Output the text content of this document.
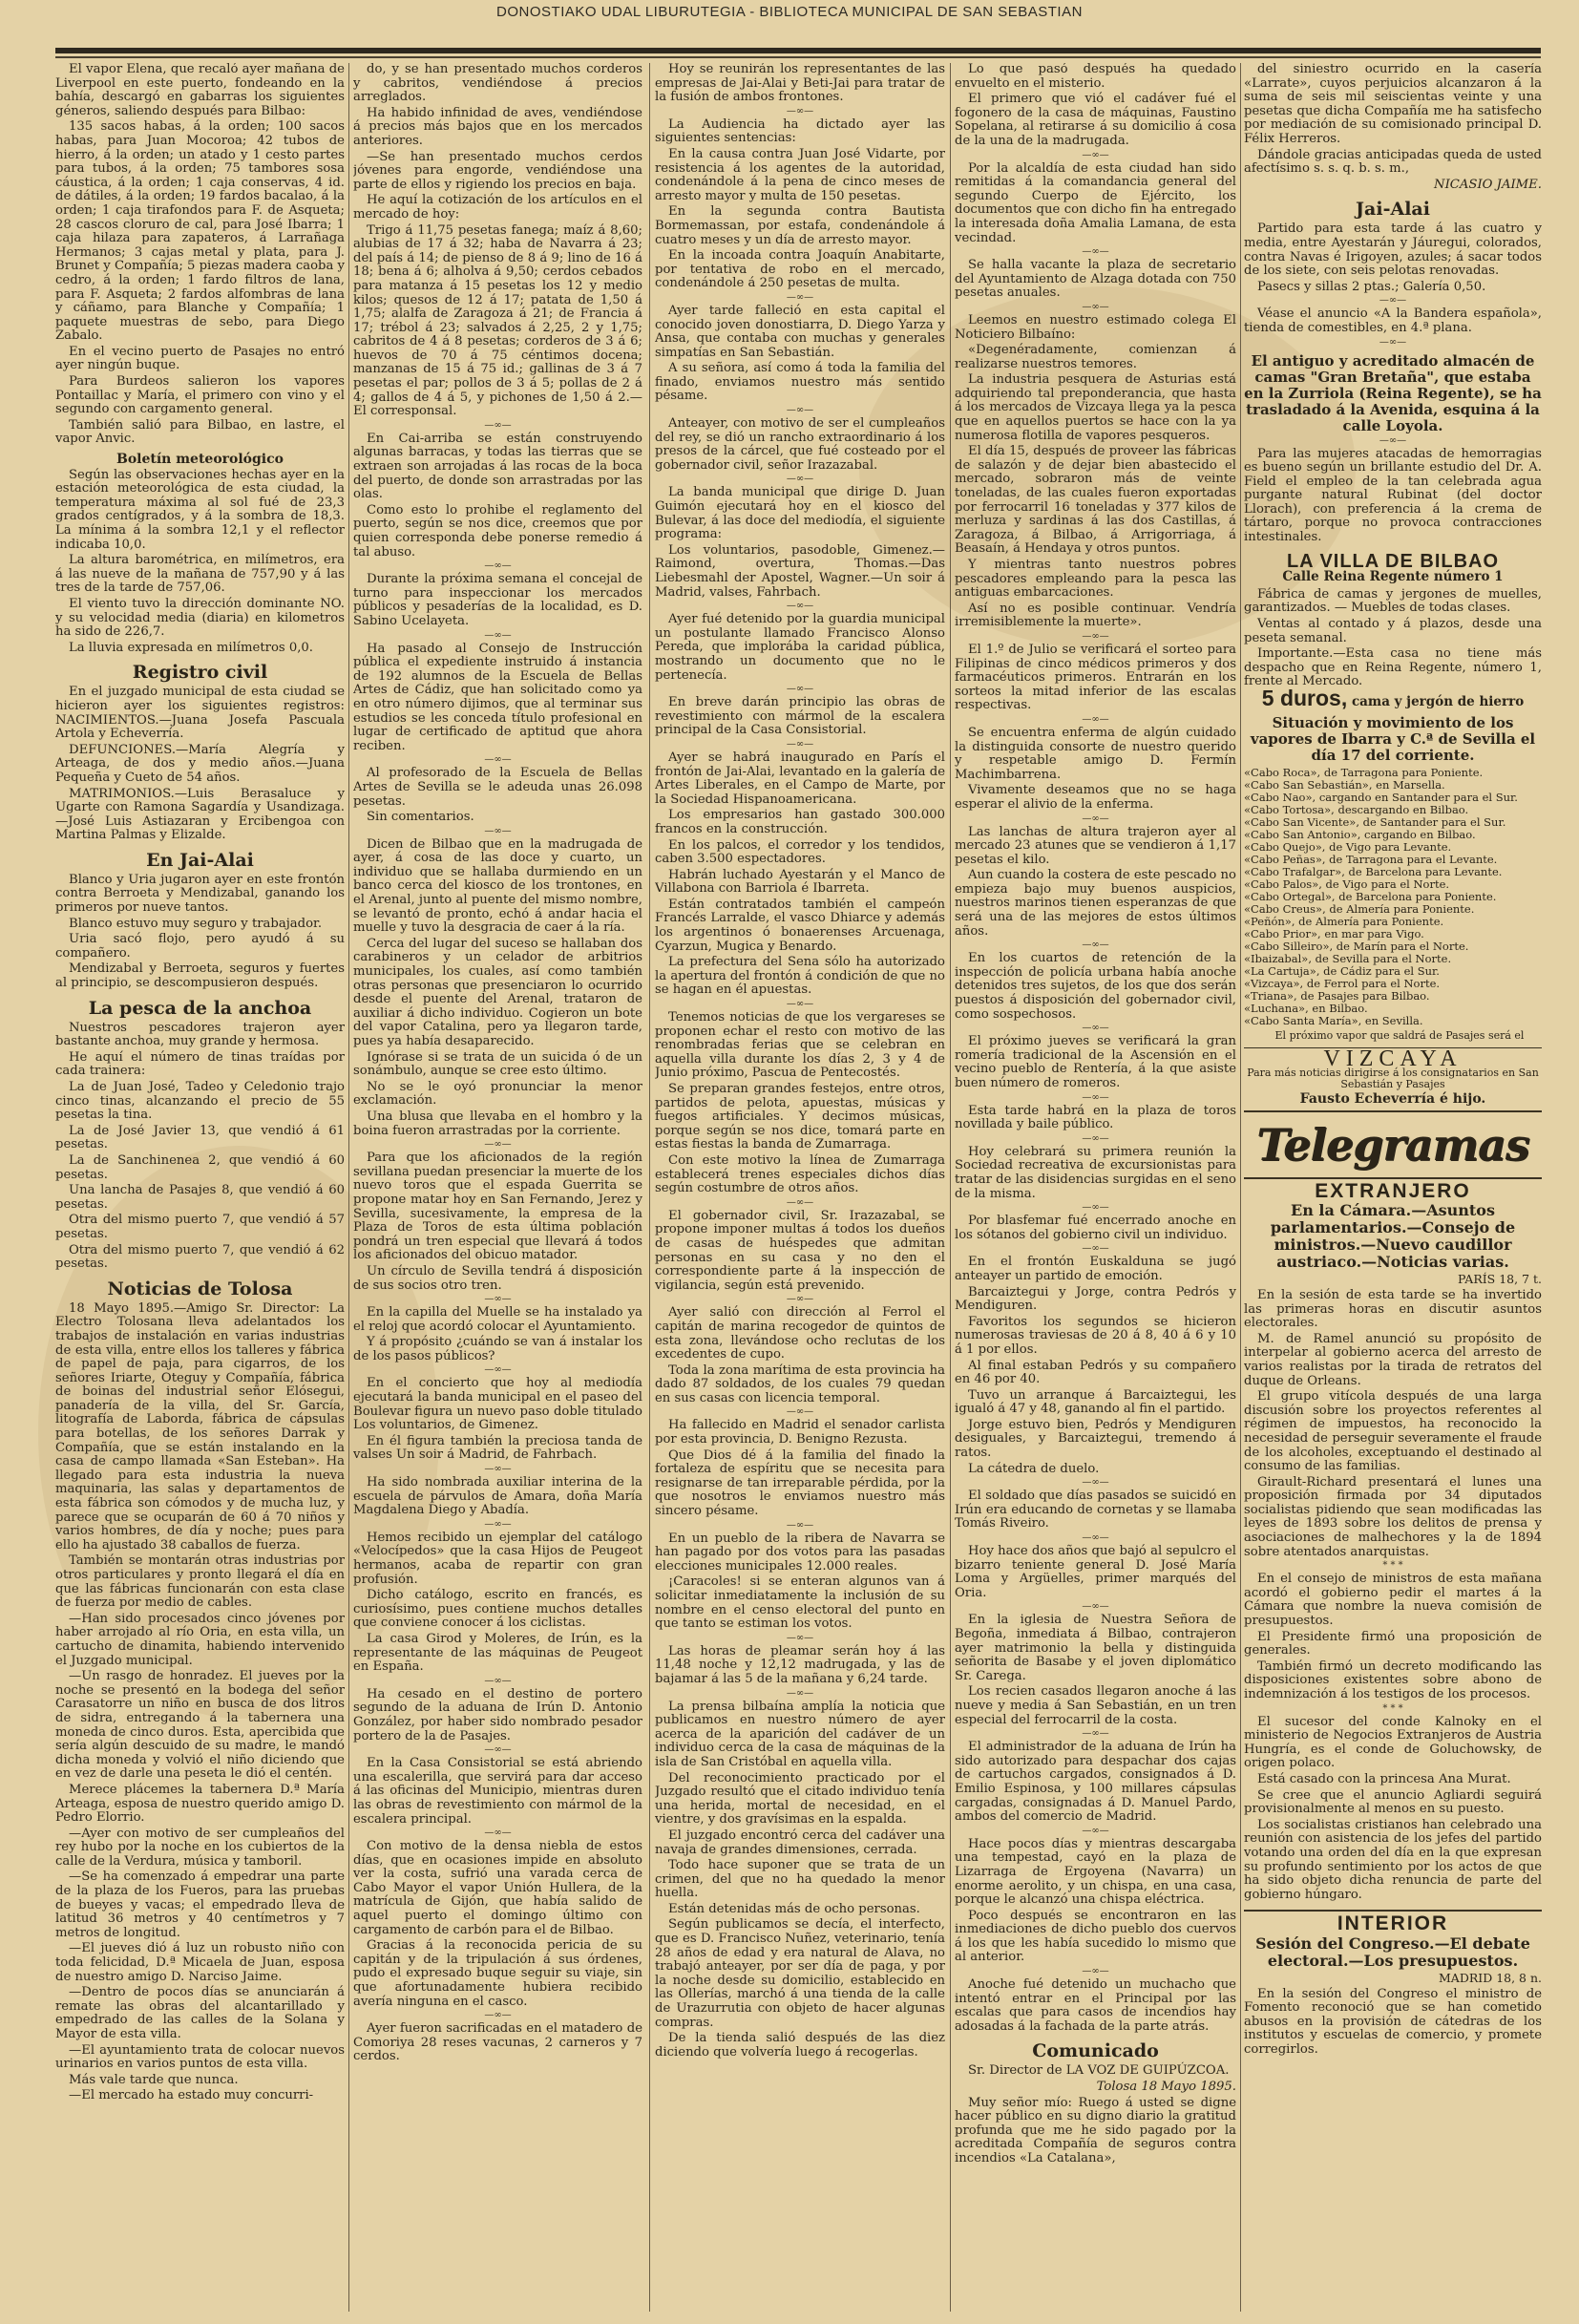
DONOSTIAKO UDAL LIBURUTEGIA - BIBLIOTECA MUNICIPAL DE SAN SEBASTIAN

El vapor Elena, que recaló ayer mañana de Liverpool en este puerto, fondeando en la bahía, descargó en gabarras los siguientes géneros, saliendo después para Bilbao:

135 sacos habas, á la orden; 100 sacos habas, para Juan Mocoroa; 42 tubos de hierro, á la orden; un atado y 1 cesto partes para tubos, á la orden; 75 tambores sosa cáustica, á la orden; 1 caja conservas, 4 id. de dátiles, á la orden; 19 fardos bacalao, á la orden; 1 caja tirafondos para F. de Asqueta; 28 cascos cloruro de cal, para José Ibarra; 1 caja hilaza para zapateros, á Larrañaga Hermanos; 3 cajas metal y plata, para J. Brunet y Compañía; 5 piezas madera caoba y cedro, á la orden; 1 fardo filtros de lana, para F. Asqueta; 2 fardos alfombras de lana y cáñamo, para Blanche y Compañía; 1 paquete muestras de sebo, para Diego Zabalo.

En el vecino puerto de Pasajes no entró ayer ningún buque.

Para Burdeos salieron los vapores Pontaillac y María, el primero con vino y el segundo con cargamento general.

También salió para Bilbao, en lastre, el vapor Anvic.

Boletín meteorológico

Según las observaciones hechas ayer en la estación meteorológica de esta ciudad, la temperatura máxima al sol fué de 23,3 grados centígrados, y á la sombra de 18,3. La mínima á la sombra 12,1 y el reflector indicaba 10,0.

La altura barométrica, en milímetros, era á las nueve de la mañana de 757,90 y á las tres de la tarde de 757,06.

El viento tuvo la dirección dominante NO. y su velocidad media (diaria) en kilometros ha sido de 226,7.

La lluvia expresada en milímetros 0,0.

Registro civil

En el juzgado municipal de esta ciudad se hicieron ayer los siguientes registros: NACIMIENTOS.—Juana Josefa Pascuala Artola y Echeverría.

DEFUNCIONES.—María Alegría y Arteaga, de dos y medio años.—Juana Pequeña y Cueto de 54 años.

MATRIMONIOS.—Luis Berasaluce y Ugarte con Ramona Sagardía y Usandizaga.—José Luis Astiazaran y Ercibengoa con Martina Palmas y Elizalde.

En Jai-Alai

Blanco y Uria jugaron ayer en este frontón contra Berroeta y Mendizabal, ganando los primeros por nueve tantos.

Blanco estuvo muy seguro y trabajador.

Uria sacó flojo, pero ayudó á su compañero.

Mendizabal y Berroeta, seguros y fuertes al principio, se descompusieron después.

La pesca de la anchoa

Nuestros pescadores trajeron ayer bastante anchoa, muy grande y hermosa.

He aquí el número de tinas traídas por cada trainera:

La de Juan José, Tadeo y Celedonio trajo cinco tinas, alcanzando el precio de 55 pesetas la tina.

La de José Javier 13, que vendió á 61 pesetas.

La de Sanchinenea 2, que vendió á 60 pesetas.

Una lancha de Pasajes 8, que vendió á 60 pesetas.

Otra del mismo puerto 7, que vendió á 57 pesetas.

Otra del mismo puerto 7, que vendió á 62 pesetas.

Noticias de Tolosa

18 Mayo 1895.—Amigo Sr. Director: La Electro Tolosana lleva adelantados los trabajos de instalación en varias industrias de esta villa, entre ellos los talleres y fábrica de papel de paja, para cigarros, de los señores Iriarte, Oteguy y Compañía, fábrica de boinas del industrial señor Elósegui, panadería de la villa, del Sr. García, litografía de Laborda, fábrica de cápsulas para botellas, de los señores Darrak y Compañía, que se están instalando en la casa de campo llamada «San Esteban». Ha llegado para esta industria la nueva maquinaria, las salas y departamentos de esta fábrica son cómodos y de mucha luz, y parece que se ocuparán de 60 á 70 niños y varios hombres, de día y noche; pues para ello ha ajustado 38 caballos de fuerza.

También se montarán otras industrias por otros particulares y pronto llegará el día en que las fábricas funcionarán con esta clase de fuerza por medio de cables.

—Han sido procesados cinco jóvenes por haber arrojado al río Oria, en esta villa, un cartucho de dinamita, habiendo intervenido el Juzgado municipal.

—Un rasgo de honradez. El jueves por la noche se presentó en la bodega del señor Carasatorre un niño en busca de dos litros de sidra, entregando á la tabernera una moneda de cinco duros. Esta, apercibida que sería algún descuido de su madre, le mandó dicha moneda y volvió el niño diciendo que en vez de darle una peseta le dió el centén.

Merece plácemes la tabernera D.ª María Arteaga, esposa de nuestro querido amigo D. Pedro Elorrio.

—Ayer con motivo de ser cumpleaños del rey hubo por la noche en los cubiertos de la calle de la Verdura, música y tamboril.

—Se ha comenzado á empedrar una parte de la plaza de los Fueros, para las pruebas de bueyes y vacas; el empedrado lleva de latitud 36 metros y 40 centímetros y 7 metros de longitud.

—El jueves dió á luz un robusto niño con toda felicidad, D.ª Micaela de Juan, esposa de nuestro amigo D. Narciso Jaime.

—Dentro de pocos días se anunciarán á remate las obras del alcantarillado y empedrado de las calles de la Solana y Mayor de esta villa.

—El ayuntamiento trata de colocar nuevos urinarios en varios puntos de esta villa.

Más vale tarde que nunca.

—El mercado ha estado muy concurri-

do, y se han presentado muchos corderos y cabritos, vendiéndose á precios arreglados.

Ha habido infinidad de aves, vendiéndose á precios más bajos que en los mercados anteriores.

—Se han presentado muchos cerdos jóvenes para engorde, vendiéndose una parte de ellos y rigiendo los precios en baja.

He aquí la cotización de los artículos en el mercado de hoy:

Trigo á 11,75 pesetas fanega; maíz á 8,60; alubias de 17 á 32; haba de Navarra á 23; del país á 14; de pienso de 8 á 9; lino de 16 á 18; bena á 6; alholva á 9,50; cerdos cebados para matanza á 15 pesetas los 12 y medio kilos; quesos de 12 á 17; patata de 1,50 á 1,75; alalfa de Zaragoza á 21; de Francia á 17; trébol á 23; salvados á 2,25, 2 y 1,75; cabritos de 4 á 8 pesetas; corderos de 3 á 6; huevos de 70 á 75 céntimos docena; manzanas de 15 á 75 id.; gallinas de 3 á 7 pesetas el par; pollos de 3 á 5; pollas de 2 á 4; gallos de 4 á 5, y pichones de 1,50 á 2.—El corresponsal.

—∞—

En Cai-arriba se están construyendo algunas barracas, y todas las tierras que se extraen son arrojadas á las rocas de la boca del puerto, de donde son arrastradas por las olas.

Como esto lo prohibe el reglamento del puerto, según se nos dice, creemos que por quien corresponda debe ponerse remedio á tal abuso.

—∞—

Durante la próxima semana el concejal de turno para inspeccionar los mercados públicos y pesaderías de la localidad, es D. Sabino Ucelayeta.

—∞—

Ha pasado al Consejo de Instrucción pública el expediente instruido á instancia de 192 alumnos de la Escuela de Bellas Artes de Cádiz, que han solicitado como ya en otro número dijimos, que al terminar sus estudios se les conceda título profesional en lugar de certificado de aptitud que ahora reciben.

—∞—

Al profesorado de la Escuela de Bellas Artes de Sevilla se le adeuda unas 26.098 pesetas.

Sin comentarios.

—∞—

Dicen de Bilbao que en la madrugada de ayer, á cosa de las doce y cuarto, un individuo que se hallaba durmiendo en un banco cerca del kiosco de los trontones, en el Arenal, junto al puente del mismo nombre, se levantó de pronto, echó á andar hacia el muelle y tuvo la desgracia de caer á la ría.

Cerca del lugar del suceso se hallaban dos carabineros y un celador de arbitrios municipales, los cuales, así como también otras personas que presenciaron lo ocurrido desde el puente del Arenal, trataron de auxiliar á dicho individuo. Cogieron un bote del vapor Catalina, pero ya llegaron tarde, pues ya había desaparecido.

Ignórase si se trata de un suicida ó de un sonámbulo, aunque se cree esto último.

No se le oyó pronunciar la menor exclamación.

Una blusa que llevaba en el hombro y la boina fueron arrastradas por la corriente.

—∞—

Para que los aficionados de la región sevillana puedan presenciar la muerte de los nuevo toros que el espada Guerrita se propone matar hoy en San Fernando, Jerez y Sevilla, sucesivamente, la empresa de la Plaza de Toros de esta última población pondrá un tren especial que llevará á todos los aficionados del obicuo matador.

Un círculo de Sevilla tendrá á disposición de sus socios otro tren.

—∞—

En la capilla del Muelle se ha instalado ya el reloj que acordó colocar el Ayuntamiento.

Y á propósito ¿cuándo se van á instalar los de los pasos públicos?

—∞—

En el concierto que hoy al mediodía ejecutará la banda municipal en el paseo del Boulevar figura un nuevo paso doble titulado Los voluntarios, de Gimenez.

En él figura también la preciosa tanda de valses Un soir á Madrid, de Fahrbach.

—∞—

Ha sido nombrada auxiliar interina de la escuela de párvulos de Amara, doña María Magdalena Diego y Abadía.

—∞—

Hemos recibido un ejemplar del catálogo «Velocípedos» que la casa Hijos de Peugeot hermanos, acaba de repartir con gran profusión.

Dicho catálogo, escrito en francés, es curiosísimo, pues contiene muchos detalles que conviene conocer á los ciclistas.

La casa Girod y Moleres, de Irún, es la representante de las máquinas de Peugeot en España.

—∞—

Ha cesado en el destino de portero segundo de la aduana de Irún D. Antonio González, por haber sido nombrado pesador portero de la de Pasajes.

—∞—

En la Casa Consistorial se está abriendo una escalerilla, que servirá para dar acceso á las oficinas del Municipio, mientras duren las obras de revestimiento con mármol de la escalera principal.

—∞—

Con motivo de la densa niebla de estos días, que en ocasiones impide en absoluto ver la costa, sufrió una varada cerca de Cabo Mayor el vapor Unión Hullera, de la matrícula de Gijón, que había salido de aquel puerto el domingo último con cargamento de carbón para el de Bilbao.

Gracias á la reconocida pericia de su capitán y de la tripulación á sus órdenes, pudo el expresado buque seguir su viaje, sin que afortunadamente hubiera recibido avería ninguna en el casco.

—∞—

Ayer fueron sacrificadas en el matadero de Comoriya 28 reses vacunas, 2 carneros y 7 cerdos.

Hoy se reunirán los representantes de las empresas de Jai-Alai y Beti-Jai para tratar de la fusión de ambos frontones.

—∞—

La Audiencia ha dictado ayer las siguientes sentencias:

En la causa contra Juan José Vidarte, por resistencia á los agentes de la autoridad, condenándole á la pena de cinco meses de arresto mayor y multa de 150 pesetas.

En la segunda contra Bautista Bormemassan, por estafa, condenándole á cuatro meses y un día de arresto mayor.

En la incoada contra Joaquín Anabitarte, por tentativa de robo en el mercado, condenándole á 250 pesetas de multa.

—∞—

Ayer tarde falleció en esta capital el conocido joven donostiarra, D. Diego Yarza y Ansa, que contaba con muchas y generales simpatías en San Sebastián.

A su señora, así como á toda la familia del finado, enviamos nuestro más sentido pésame.

—∞—

Anteayer, con motivo de ser el cumpleaños del rey, se dió un rancho extraordinario á los presos de la cárcel, que fué costeado por el gobernador civil, señor Irazazabal.

—∞—

La banda municipal que dirige D. Juan Guimón ejecutará hoy en el kiosco del Bulevar, á las doce del mediodía, el siguiente programa:

Los voluntarios, pasodoble, Gimenez.—Raimond, overtura, Thomas.—Das Liebesmahl der Apostel, Wagner.—Un soir á Madrid, valses, Fahrbach.

—∞—

Ayer fué detenido por la guardia municipal un postulante llamado Francisco Alonso Pereda, que implorába la caridad pública, mostrando un documento que no le pertenecía.

—∞—

En breve darán principio las obras de revestimiento con mármol de la escalera principal de la Casa Consistorial.

—∞—

Ayer se habrá inaugurado en París el frontón de Jai-Alai, levantado en la galería de Artes Liberales, en el Campo de Marte, por la Sociedad Hispanoamericana.

Los empresarios han gastado 300.000 francos en la construcción.

En los palcos, el corredor y los tendidos, caben 3.500 espectadores.

Habrán luchado Ayestarán y el Manco de Villabona con Barriola é Ibarreta.

Están contratados también el campeón Francés Larralde, el vasco Dhiarce y además los argentinos ó bonaerenses Arcuenaga, Cyarzun, Mugica y Benardo.

La prefectura del Sena sólo ha autorizado la apertura del frontón á condición de que no se hagan en él apuestas.

—∞—

Tenemos noticias de que los vergareses se proponen echar el resto con motivo de las renombradas ferias que se celebran en aquella villa durante los días 2, 3 y 4 de Junio próximo, Pascua de Pentecostés.

Se preparan grandes festejos, entre otros, partidos de pelota, apuestas, músicas y fuegos artificiales. Y decimos músicas, porque según se nos dice, tomará parte en estas fiestas la banda de Zumarraga.

Con este motivo la línea de Zumarraga establecerá trenes especiales dichos días según costumbre de otros años.

—∞—

El gobernador civil, Sr. Irazazabal, se propone imponer multas á todos los dueños de casas de huéspedes que admitan personas en su casa y no den el correspondiente parte á la inspección de vigilancia, según está prevenido.

—∞—

Ayer salió con dirección al Ferrol el capitán de marina recogedor de quintos de esta zona, llevándose ocho reclutas de los excedentes de cupo.

Toda la zona marítima de esta provincia ha dado 87 soldados, de los cuales 79 quedan en sus casas con licencia temporal.

—∞—

Ha fallecido en Madrid el senador carlista por esta provincia, D. Benigno Rezusta.

Que Dios dé á la familia del finado la fortaleza de espíritu que se necesita para resignarse de tan irreparable pérdida, por la que nosotros le enviamos nuestro más sincero pésame.

—∞—

En un pueblo de la ribera de Navarra se han pagado por dos votos para las pasadas elecciones municipales 12.000 reales.

¡Caracoles! si se enteran algunos van á solicitar inmediatamente la inclusión de su nombre en el censo electoral del punto en que tanto se estiman los votos.

—∞—

Las horas de pleamar serán hoy á las 11,48 noche y 12,12 madrugada, y las de bajamar á las 5 de la mañana y 6,24 tarde.

—∞—

La prensa bilbaína amplía la noticia que publicamos en nuestro número de ayer acerca de la aparición del cadáver de un individuo cerca de la casa de máquinas de la isla de San Cristóbal en aquella villa.

Del reconocimiento practicado por el Juzgado resultó que el citado individuo tenía una herida, mortal de necesidad, en el vientre, y dos gravísimas en la espalda.

El juzgado encontró cerca del cadáver una navaja de grandes dimensiones, cerrada.

Todo hace suponer que se trata de un crimen, del que no ha quedado la menor huella.

Están detenidas más de ocho personas.

Según publicamos se decía, el interfecto, que es D. Francisco Nuñez, veterinario, tenía 28 años de edad y era natural de Alava, no trabajó anteayer, por ser día de paga, y por la noche desde su domicilio, establecido en las Ollerías, marchó á una tienda de la calle de Urazurrutia con objeto de hacer algunas compras.

De la tienda salió después de las diez diciendo que volvería luego á recogerlas.

Lo que pasó después ha quedado envuelto en el misterio.

El primero que vió el cadáver fué el fogonero de la casa de máquinas, Faustino Sopelana, al retirarse á su domicilio á cosa de la una de la madrugada.

—∞—

Por la alcaldía de esta ciudad han sido remitidas á la comandancia general del segundo Cuerpo de Ejército, los documentos que con dicho fin ha entregado la interesada doña Amalia Lamana, de esta vecindad.

—∞—

Se halla vacante la plaza de secretario del Ayuntamiento de Alzaga dotada con 750 pesetas anuales.

—∞—

Leemos en nuestro estimado colega El Noticiero Bilbaíno:

«Degenéradamente, comienzan á realizarse nuestros temores.

La industria pesquera de Asturias está adquiriendo tal preponderancia, que hasta á los mercados de Vizcaya llega ya la pesca que en aquellos puertos se hace con la ya numerosa flotilla de vapores pesqueros.

El día 15, después de proveer las fábricas de salazón y de dejar bien abastecido el mercado, sobraron más de veinte toneladas, de las cuales fueron exportadas por ferrocarril 16 toneladas y 377 kilos de merluza y sardinas á las dos Castillas, á Zaragoza, á Bilbao, á Arrigorriaga, á Beasaín, á Hendaya y otros puntos.

Y mientras tanto nuestros pobres pescadores empleando para la pesca las antiguas embarcaciones.

Así no es posible continuar. Vendría irremisiblemente la muerte».

—∞—

El 1.º de Julio se verificará el sorteo para Filipinas de cinco médicos primeros y dos farmacéuticos primeros. Entrarán en los sorteos la mitad inferior de las escalas respectivas.

—∞—

Se encuentra enferma de algún cuidado la distinguida consorte de nuestro querido y respetable amigo D. Fermín Machimbarrena.

Vivamente deseamos que no se haga esperar el alivio de la enferma.

—∞—

Las lanchas de altura trajeron ayer al mercado 23 atunes que se vendieron á 1,17 pesetas el kilo.

Aun cuando la costera de este pescado no empieza bajo muy buenos auspicios, nuestros marinos tienen esperanzas de que será una de las mejores de estos últimos años.

—∞—

En los cuartos de retención de la inspección de policía urbana había anoche detenidos tres sujetos, de los que dos serán puestos á disposición del gobernador civil, como sospechosos.

—∞—

El próximo jueves se verificará la gran romería tradicional de la Ascensión en el vecino pueblo de Rentería, á la que asiste buen número de romeros.

—∞—

Esta tarde habrá en la plaza de toros novillada y baile público.

—∞—

Hoy celebrará su primera reunión la Sociedad recreativa de excursionistas para tratar de las disidencias surgidas en el seno de la misma.

—∞—

Por blasfemar fué encerrado anoche en los sótanos del gobierno civil un individuo.

—∞—

En el frontón Euskalduna se jugó anteayer un partido de emoción.

Barcaiztegui y Jorge, contra Pedrós y Mendiguren.

Favoritos los segundos se hicieron numerosas traviesas de 20 á 8, 40 á 6 y 10 á 1 por ellos.

Al final estaban Pedrós y su compañero en 46 por 40.

Tuvo un arranque á Barcaiztegui, les igualó á 47 y 48, ganando al fin el partido.

Jorge estuvo bien, Pedrós y Mendiguren desiguales, y Barcaiztegui, tremendo á ratos.

La cátedra de duelo.

—∞—

El soldado que días pasados se suicidó en Irún era educando de cornetas y se llamaba Tomás Riveiro.

—∞—

Hoy hace dos años que bajó al sepulcro el bizarro teniente general D. José María Loma y Argüelles, primer marqués del Oria.

—∞—

En la iglesia de Nuestra Señora de Begoña, inmediata á Bilbao, contrajeron ayer matrimonio la bella y distinguida señorita de Basabe y el joven diplomático Sr. Carega.

Los recien casados llegaron anoche á las nueve y media á San Sebastián, en un tren especial del ferrocarril de la costa.

—∞—

El administrador de la aduana de Irún ha sido autorizado para despachar dos cajas de cartuchos cargados, consignados á D. Emilio Espinosa, y 100 millares cápsulas cargadas, consignadas á D. Manuel Pardo, ambos del comercio de Madrid.

—∞—

Hace pocos días y mientras descargaba una tempestad, cayó en la plaza de Lizarraga de Ergoyena (Navarra) un enorme aerolito, y un chispa, en una casa, porque le alcanzó una chispa eléctrica.

Poco después se encontraron en las inmediaciones de dicho pueblo dos cuervos á los que les había sucedido lo mismo que al anterior.

—∞—

Anoche fué detenido un muchacho que intentó entrar en el Principal por las escalas que para casos de incendios hay adosadas á la fachada de la parte atrás.

Comunicado

Sr. Director de LA VOZ DE GUIPÚZCOA.

Tolosa 18 Mayo 1895.

Muy señor mío: Ruego á usted se digne hacer público en su digno diario la gratitud profunda que me he sido pagado por la acreditada Compañía de seguros contra incendios «La Catalana»,

del siniestro ocurrido en la casería «Larrate», cuyos perjuicios alcanzaron á la suma de seis mil seiscientas veinte y una pesetas que dicha Compañía me ha satisfecho por mediación de su comisionado principal D. Félix Herreros.

Dándole gracias anticipadas queda de usted afectísimo s. s. q. b. s. m.,

NICASIO JAIME.

Jai-Alai

Partido para esta tarde á las cuatro y media, entre Ayestarán y Jáuregui, colorados, contra Navas é Irigoyen, azules; á sacar todos de los siete, con seis pelotas renovadas.

Pasecs y sillas 2 ptas.; Galería 0,50.

—∞—

Véase el anuncio «A la Bandera española», tienda de comestibles, en 4.ª plana.

—∞—
El antiguo y acreditado almacén de camas "Gran Bretaña", que estaba en la Zurriola (Reina Regente), se ha trasladado á la Avenida, esquina á la calle Loyola.
—∞—

Para las mujeres atacadas de hemorragias es bueno según un brillante estudio del Dr. A. Field el empleo de la tan celebrada agua purgante natural Rubinat (del doctor Llorach), con preferencia á la crema de tártaro, porque no provoca contracciones intestinales.

LA VILLA DE BILBAO
Calle Reina Regente número 1

Fábrica de camas y jergones de muelles, garantizados. — Muebles de todas clases.

Ventas al contado y á plazos, desde una peseta semanal.

Importante.—Esta casa no tiene más despacho que en Reina Regente, número 1, frente al Mercado.

5 duros, cama y jergón de hierro
Situación y movimiento de los vapores de Ibarra y C.ª de Sevilla el día 17 del corriente.
«Cabo Roca», de Tarragona para Poniente.
«Cabo San Sebastián», en Marsella.
«Cabo Nao», cargando en Santander para el Sur.
«Cabo Tortosa», descargando en Bilbao.
«Cabo San Vicente», de Santander para el Sur.
«Cabo San Antonio», cargando en Bilbao.
«Cabo Quejo», de Vigo para Levante.
«Cabo Peñas», de Tarragona para el Levante.
«Cabo Trafalgar», de Barcelona para Levante.
«Cabo Palos», de Vigo para el Norte.
«Cabo Ortegal», de Barcelona para Poniente.
«Cabo Creus», de Almería para Poniente.
«Peñón», de Almería para Poniente.
«Cabo Prior», en mar para Vigo.
«Cabo Silleiro», de Marín para el Norte.
«Ibaizabal», de Sevilla para el Norte.
«La Cartuja», de Cádiz para el Sur.
«Vizcaya», de Ferrol para el Norte.
«Triana», de Pasajes para Bilbao.
«Luchana», en Bilbao.
«Cabo Santa María», en Sevilla.

El próximo vapor que saldrá de Pasajes será el

VIZCAYA
Para más noticias dirigirse á los consignatarios en San Sebastián y Pasajes
Fausto Echeverría é hijo.
Telegramas
EXTRANJERO
En la Cámara.—Asuntos parlamentarios.—Consejo de ministros.—Nuevo caudillor austriaco.—Noticias varias.
PARÍS 18, 7 t.

En la sesión de esta tarde se ha invertido las primeras horas en discutir asuntos electorales.

M. de Ramel anunció su propósito de interpelar al gobierno acerca del arresto de varios realistas por la tirada de retratos del duque de Orleans.

El grupo vitícola después de una larga discusión sobre los proyectos referentes al régimen de impuestos, ha reconocido la necesidad de perseguir severamente el fraude de los alcoholes, exceptuando el destinado al consumo de las familias.

Girault-Richard presentará el lunes una proposición firmada por 34 diputados socialistas pidiendo que sean modificadas las leyes de 1893 sobre los delitos de prensa y asociaciones de malhechores y la de 1894 sobre atentados anarquistas.

* * *

En el consejo de ministros de esta mañana acordó el gobierno pedir el martes á la Cámara que nombre la nueva comisión de presupuestos.

El Presidente firmó una proposición de generales.

También firmó un decreto modificando las disposiciones existentes sobre abono de indemnización á los testigos de los procesos.

* * *

El sucesor del conde Kalnoky en el ministerio de Negocios Extranjeros de Austria Hungría, es el conde de Goluchowsky, de origen polaco.

Está casado con la princesa Ana Murat.

Se cree que el anuncio Agliardi seguirá provisionalmente al menos en su puesto.

Los socialistas cristianos han celebrado una reunión con asistencia de los jefes del partido votando una orden del día en la que expresan su profundo sentimiento por los actos de que ha sido objeto dicha renuncia de parte del gobierno húngaro.

INTERIOR
Sesión del Congreso.—El debate electoral.—Los presupuestos.
MADRID 18, 8 n.

En la sesión del Congreso el ministro de Fomento reconoció que se han cometido abusos en la provisión de cátedras de los institutos y escuelas de comercio, y promete corregirlos.
